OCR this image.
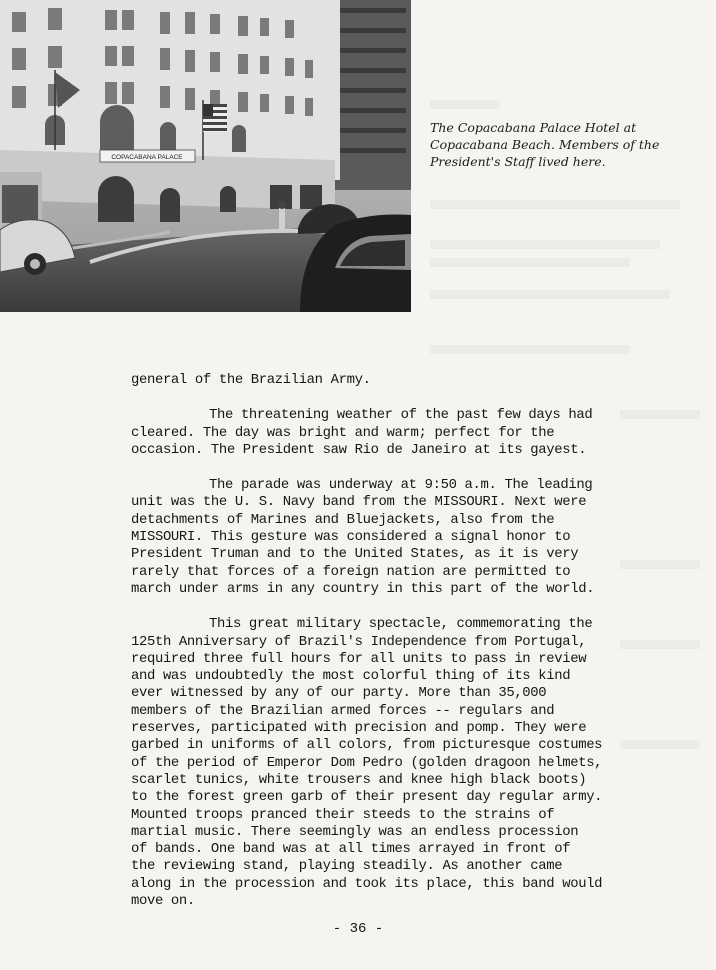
COPACABANA PALACE
The Copacabana Palace Hotel at
Copacabana Beach. Members of the
President's Staff lived here.

general of the Brazilian Army.

The threatening weather of the past few days had
cleared. The day was bright and warm; perfect for the
occasion. The President saw Rio de Janeiro at its gayest.

The parade was underway at 9:50 a.m. The leading
unit was the U. S. Navy band from the MISSOURI. Next were
detachments of Marines and Bluejackets, also from the
MISSOURI. This gesture was considered a signal honor to
President Truman and to the United States, as it is very
rarely that forces of a foreign nation are permitted to
march under arms in any country in this part of the world.

This great military spectacle, commemorating the
125th Anniversary of Brazil's Independence from Portugal,
required three full hours for all units to pass in review
and was undoubtedly the most colorful thing of its kind
ever witnessed by any of our party. More than 35,000
members of the Brazilian armed forces -- regulars and
reserves, participated with precision and pomp. They were
garbed in uniforms of all colors, from picturesque costumes
of the period of Emperor Dom Pedro (golden dragoon helmets,
scarlet tunics, white trousers and knee high black boots)
to the forest green garb of their present day regular army.
Mounted troops pranced their steeds to the strains of
martial music. There seemingly was an endless procession
of bands. One band was at all times arrayed in front of
the reviewing stand, playing steadily. As another came
along in the procession and took its place, this band would
move on.

- 36 -
